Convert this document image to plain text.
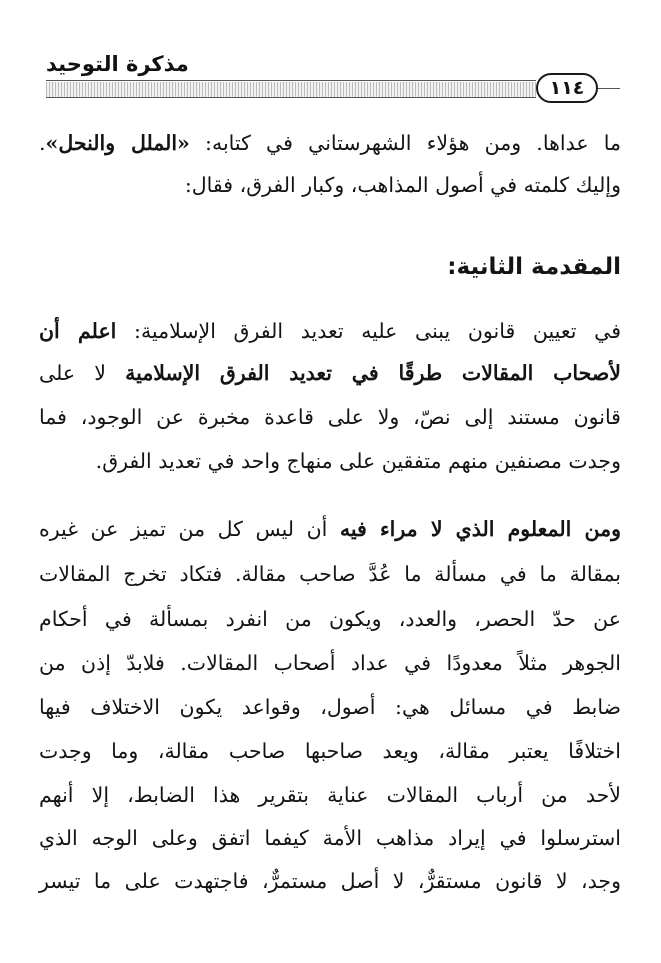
مذكرة التوحيد
١١٤
ما عداها. ومن هؤلاء الشهرستاني في كتابه: «الملل والنحل».
وإليك كلمته في أصول المذاهب، وكبار الفرق، فقال:
المقدمة الثانية:
في تعيين قانون يبنى عليه تعديد الفرق الإسلامية: اعلم أن
لأصحاب المقالات طرقًا في تعديد الفرق الإسلامية لا على
قانون مستند إلى نصّ، ولا على قاعدة مخبرة عن الوجود، فما
وجدت مصنفين منهم متفقين على منهاج واحد في تعديد الفرق.
ومن المعلوم الذي لا مراء فيه أن ليس كل من تميز عن غيره
بمقالة ما في مسألة ما عُدَّ صاحب مقالة. فتكاد تخرج المقالات
عن حدّ الحصر، والعدد، ويكون من انفرد بمسألة في أحكام
الجوهر مثلاً معدودًا في عداد أصحاب المقالات. فلابدّ إذن من
ضابط في مسائل هي: أصول، وقواعد يكون الاختلاف فيها
اختلافًا يعتبر مقالة، ويعد صاحبها صاحب مقالة، وما وجدت
لأحد من أرباب المقالات عناية بتقرير هذا الضابط، إلا أنهم
استرسلوا في إيراد مذاهب الأمة كيفما اتفق وعلى الوجه الذي
وجد، لا قانون مستقرٌّ، لا أصل مستمرٌّ، فاجتهدت على ما تيسر
